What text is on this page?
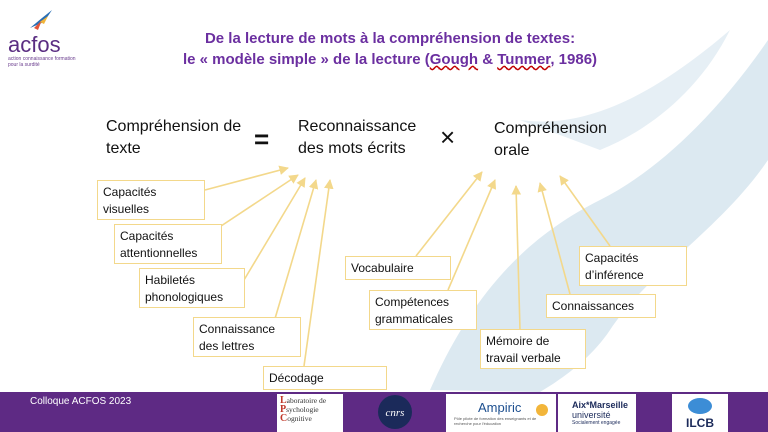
acfos
action connaissance formation pour la surdité
De la lecture de mots à la compréhension de textes:
le « modèle simple » de la lecture (Gough & Tunmer, 1986)
Compréhension de texte	= Reconnaissance des mots écrits	× Compréhension orale
Capacités visuelles
Capacités attentionnelles
Habiletés phonologiques
Connaissance des lettres
Décodage
Vocabulaire
Compétences grammaticales
Mémoire de travail verbale
Connaissances
Capacités d’inférence
Colloque ACFOS 2023	Laboratoire de
Psychologie
Cognitive	cnrs	Ampiric
Pôle pilote de formation des enseignants et de recherche pour l'éducation
Aix*Marseille
université
Socialement engagée	ILCB
